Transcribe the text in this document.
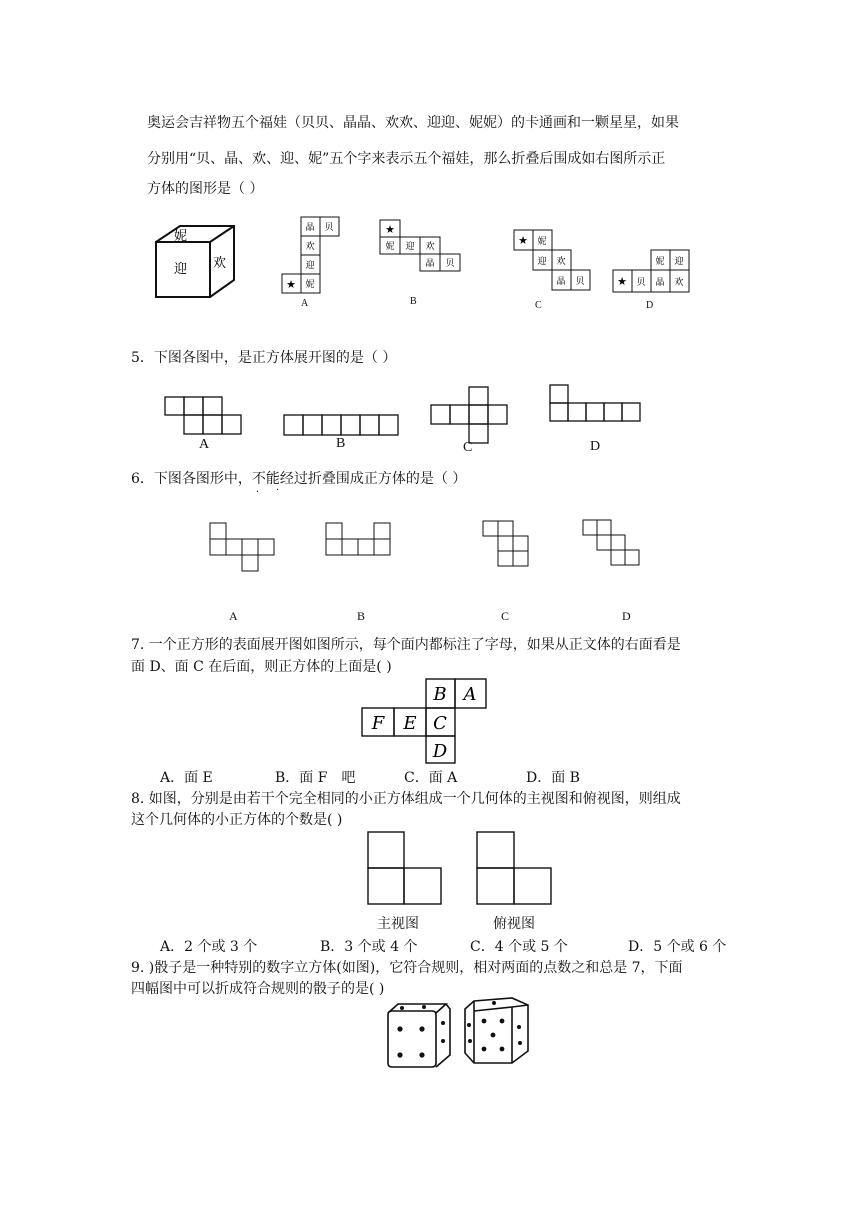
奥运会吉祥物五个福娃（贝贝、晶晶、欢欢、迎迎、妮妮）的卡通画和一颗星星，如果
分别用“贝、晶、欢、迎、妮”五个字来表示五个福娃，那么折叠后围成如右图所示正
方体的图形是（ ）
妮
迎 欢
晶 贝
欢
迎
★ 妮
A
★
妮 迎 欢
晶 贝
B
★ 妮
迎 欢
晶 贝
C
妮 迎
★ 贝 晶 欢
D
5．下图各图中，是正方体展开图的是（ ）
A	B	C	D
6．下图各图形中，不
·
能经过折叠围成正方体的是（ ）
·
A	B	C	D
7. 一个正方形的表面展开图如图所示，每个面内都标注了字母，如果从正文体的右面看是
面 D、面 C 在后面，则正方体的上面是( )
B A
F E C
D
A．面 E	B．面 F　吧	C．面 A	D．面 B
8. 如图，分别是由若干个完全相同的小正方体组成一个几何体的主视图和俯视图，则组成
这个几何体的小正方体的个数是( )
主视图	俯视图
A．2 个或 3 个	B．3 个或 4 个	C．4 个或 5 个	D．5 个或 6 个
9. )骰子是一种特别的数字立方体(如图)，它符合规则，相对两面的点数之和总是 7，下面
四幅图中可以折成符合规则的骰子的是( )
